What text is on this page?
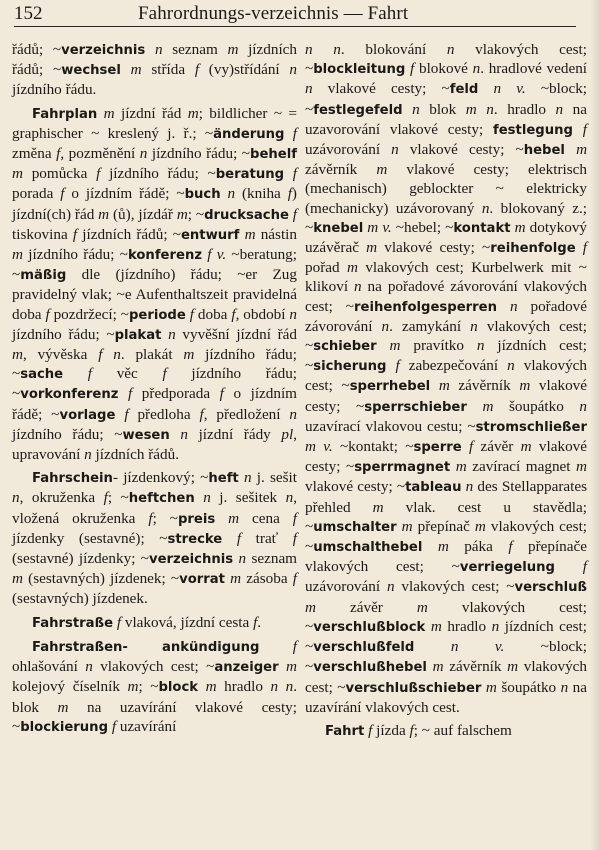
152	Fahrordnungs-verzeichnis — Fahrt

řádů; ~verzeichnis n seznam m jízdních řádů; ~wechsel m střída f (vy)střídání n jízdního řádu.

Fahrplan m jízdní řád m; bildlicher ~ = graphischer ~ kreslený j. ř.; ~änderung f změna f, pozměnění n jízdního řádu; ~behelf m pomůcka f jízdního řádu; ~beratung f porada f o jízdním řádě; ~buch n (kniha f) jízdní(ch) řád m (ů), jízdář m; ~drucksache f tiskovina f jízdních řádů; ~entwurf m nástin m jízdního řádu; ~konferenz f v. ~beratung; ~mäßig dle (jízdního) řádu; ~er Zug pravidelný vlak; ~e Aufenthaltszeit pravidelná doba f pozdržecí; ~periode f doba f, období n jízdního řádu; ~plakat n vyvěšní jízdní řád m, vývěska f n. plakát m jízdního řádu; ~sache f věc f jízdního řádu; ~vorkonferenz f předporada f o jízdním řádě; ~vorlage f předloha f, předložení n jízdního řádu; ~wesen n jízdní řády pl, upravování n jízdních řádů.

Fahrschein- jízdenkový; ~heft n j. sešit n, okruženka f; ~heftchen n j. sešitek n, vložená okruženka f; ~preis m cena f jízdenky (sestavné); ~strecke f trať f (sestavné) jízdenky; ~verzeichnis n seznam m (sestavných) jízdenek; ~vorrat m zásoba f (sestavných) jízdenek.

Fahrstraße f vlaková, jízdní cesta f.

Fahrstraßen- ankündigung f ohlašování n vlakových cest; ~anzeiger m kolejový číselník m; ~block m hradlo n n. blok m na uzavírání vlakové cesty; ~blockierung f uzavírání

n n. blokování n vlakových cest; ~blockleitung f blokové n. hradlové vedení n vlakové cesty; ~feld n v. ~block; ~festlegefeld n blok m n. hradlo n na uzavorování vlakové cesty; festlegung f uzávorování n vlakové cesty; ~hebel m závěrník m vlakové cesty; elektrisch (mechanisch) geblockter ~ elektricky (mechanicky) uzávorovaný n. blokovaný z.; ~knebel m v. ~hebel; ~kontakt m dotykový uzávěrač m vlakové cesty; ~reihenfolge f pořad m vlakových cest; Kurbelwerk mit ~ klikoví n na pořadové závorování vlakových cest; ~reihenfolgesperren n pořadové závorování n. zamykání n vlakových cest; ~schieber m pravítko n jízdních cest; ~sicherung f zabezpečování n vlakových cest; ~sperrhebel m závěrník m vlakové cesty; ~sperrschieber m šoupátko n uzavírací vlakovou cestu; ~stromschließer m v. ~kontakt; ~sperre f závěr m vlakové cesty; ~sperrmagnet m zavírací magnet m vlakové cesty; ~tableau n des Stellapparates přehled m vlak. cest u stavědla; ~umschalter m přepínač m vlakových cest; ~umschalthebel m páka f přepínače vlakových cest; ~verriegelung f uzávorování n vlakových cest; ~verschluß m závěr m vlakových cest; ~verschlußblock m hradlo n jízdních cest; ~verschlußfeld n v. ~block; ~verschlußhebel m závěrník m vlakových cest; ~verschlußschieber m šoupátko n na uzavírání vlakových cest.

Fahrt f jízda f; ~ auf falschem
